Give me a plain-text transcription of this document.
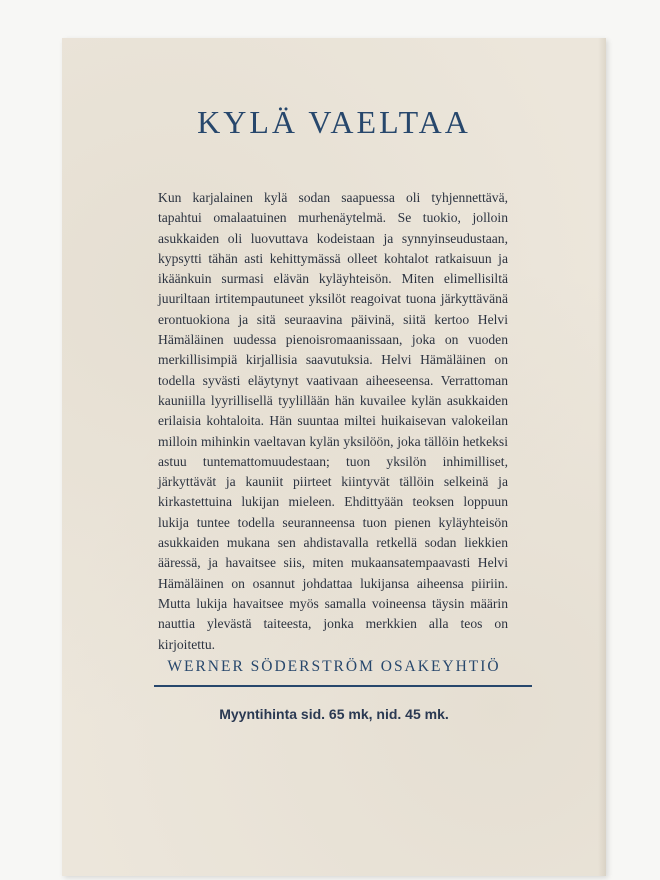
KYLÄ VAELTAA

Kun karjalainen kylä sodan saapuessa oli tyhjennettävä, tapahtui omalaatuinen murhenäytelmä. Se tuokio, jolloin asukkaiden oli luovuttava kodeistaan ja synnyinseudustaan, kypsytti tähän asti kehittymässä olleet kohtalot ratkaisuun ja ikäänkuin surmasi elävän kyläyhteisön. Miten elimellisiltä juuriltaan irtitempautuneet yksilöt reagoivat tuona järkyttävänä erontuokiona ja sitä seuraavina päivinä, siitä kertoo Helvi Hämäläinen uudessa pienoisromaanissaan, joka on vuoden merkillisimpiä kirjallisia saavutuksia. Helvi Hämäläinen on todella syvästi eläytynyt vaativaan aiheeseensa. Verrattoman kauniilla lyyrillisellä tyylillään hän kuvailee kylän asukkaiden erilaisia kohtaloita. Hän suuntaa miltei huikaisevan valokeilan milloin mihinkin vaeltavan kylän yksilöön, joka tällöin hetkeksi astuu tuntemattomuudestaan; tuon yksilön inhimilliset, järkyttävät ja kauniit piirteet kiintyvät tällöin selkeinä ja kirkastettuina lukijan mieleen. Ehdittyään teoksen loppuun lukija tuntee todella seuranneensa tuon pienen kyläyhteisön asukkaiden mukana sen ahdistavalla retkellä sodan liekkien ääressä, ja havaitsee siis, miten mukaansatempaavasti Helvi Hämäläinen on osannut johdattaa lukijansa aiheensa piiriin. Mutta lukija havaitsee myös samalla voineensa täysin määrin nauttia ylevästä taiteesta, jonka merkkien alla teos on kirjoitettu.

WERNER SÖDERSTRÖM OSAKEYHTIÖ
Myyntihinta sid. 65 mk, nid. 45 mk.
